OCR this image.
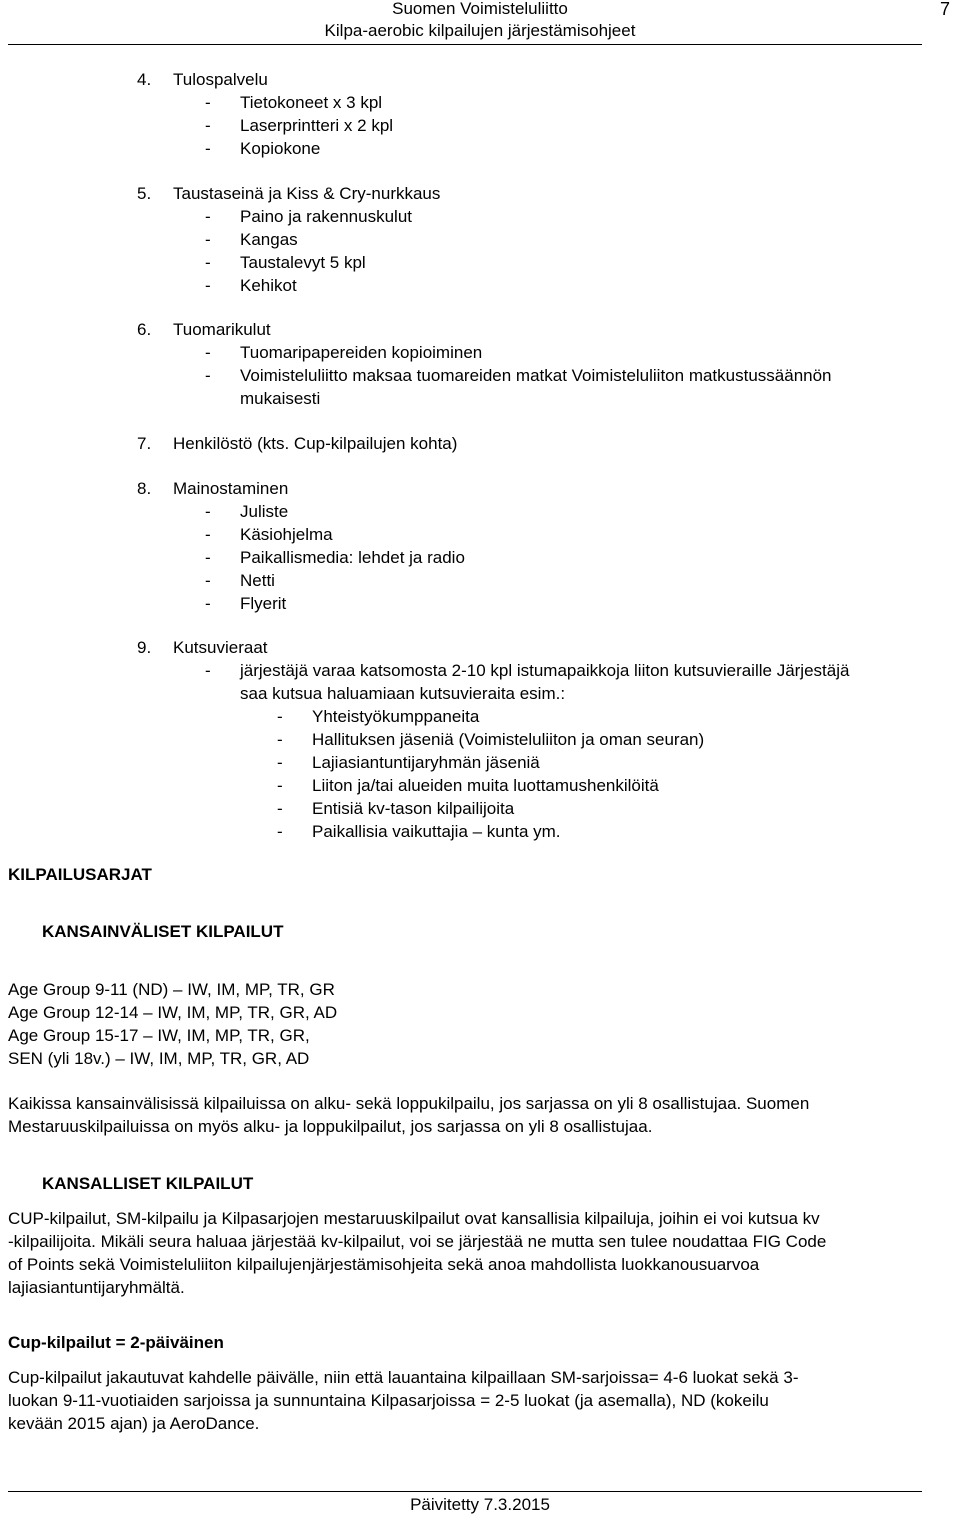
Suomen Voimisteluliitto
Kilpa-aerobic kilpailujen järjestämisohjeet
7
4. Tulospalvelu
- Tietokoneet x 3 kpl
- Laserprintteri x 2 kpl
- Kopiokone
5. Taustaseinä ja Kiss & Cry-nurkkaus
- Paino ja rakennuskulut
- Kangas
- Taustalevyt 5 kpl
- Kehikot
6. Tuomarikulut
- Tuomaripapereiden kopioiminen
- Voimisteluliitto maksaa tuomareiden matkat Voimisteluliiton matkustussäännön
mukaisesti
7. Henkilöstö (kts. Cup-kilpailujen kohta)
8. Mainostaminen
- Juliste
- Käsiohjelma
- Paikallismedia: lehdet ja radio
- Netti
- Flyerit
9. Kutsuvieraat
- järjestäjä varaa katsomosta 2-10 kpl istumapaikkoja liiton kutsuvieraille Järjestäjä
saa kutsua haluamiaan kutsuvieraita esim.:
- Yhteistyökumppaneita
- Hallituksen jäseniä (Voimisteluliiton ja oman seuran)
- Lajiasiantuntijaryhmän jäseniä
- Liiton ja/tai alueiden muita luottamushenkilöitä
- Entisiä kv-tason kilpailijoita
- Paikallisia vaikuttajia – kunta ym.
KILPAILUSARJAT
KANSAINVÄLISET KILPAILUT
Age Group 9-11 (ND) – IW, IM, MP, TR, GR
Age Group 12-14 – IW, IM, MP, TR, GR, AD
Age Group 15-17 – IW, IM, MP, TR, GR,
SEN (yli 18v.) – IW, IM, MP, TR, GR, AD
Kaikissa kansainvälisissä kilpailuissa on alku- sekä loppukilpailu, jos sarjassa on yli 8 osallistujaa. Suomen
Mestaruuskilpailuissa on myös alku- ja loppukilpailut, jos sarjassa on yli 8 osallistujaa.
KANSALLISET KILPAILUT
CUP-kilpailut, SM-kilpailu ja Kilpasarjojen mestaruuskilpailut ovat kansallisia kilpailuja, joihin ei voi kutsua kv
-kilpailijoita. Mikäli seura haluaa järjestää kv-kilpailut, voi se järjestää ne mutta sen tulee noudattaa FIG Code
of Points sekä Voimisteluliiton kilpailujenjärjestämisohjeita sekä anoa mahdollista luokkanousuarvoa
lajiasiantuntijaryhmältä.
Cup-kilpailut = 2-päiväinen
Cup-kilpailut jakautuvat kahdelle päivälle, niin että lauantaina kilpaillaan SM-sarjoissa= 4-6 luokat sekä 3-
luokan 9-11-vuotiaiden sarjoissa ja sunnuntaina Kilpasarjoissa = 2-5 luokat (ja asemalla), ND (kokeilu
kevään 2015 ajan) ja AeroDance.
Päivitetty 7.3.2015
